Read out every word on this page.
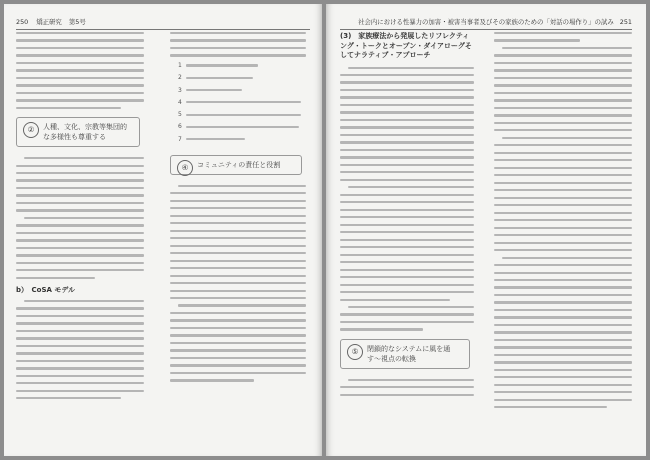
250 矯正研究 第5号
②	人種、文化、宗教等集団的な多様性も尊重する
b）　CoSA モデル
1
2
3
4
5
6
7
④	コミュニティの責任と役割
社会内における性暴力の加害・被害当事者及びその家族のための「対話の場作り」の試み 251
(3)　家族療法から発展したリフレクティング・トークとオープン・ダイアローグそしてナラティブ・アプローチ
⑤	閉鎖的なシステムに風を通す〜視点の転換
